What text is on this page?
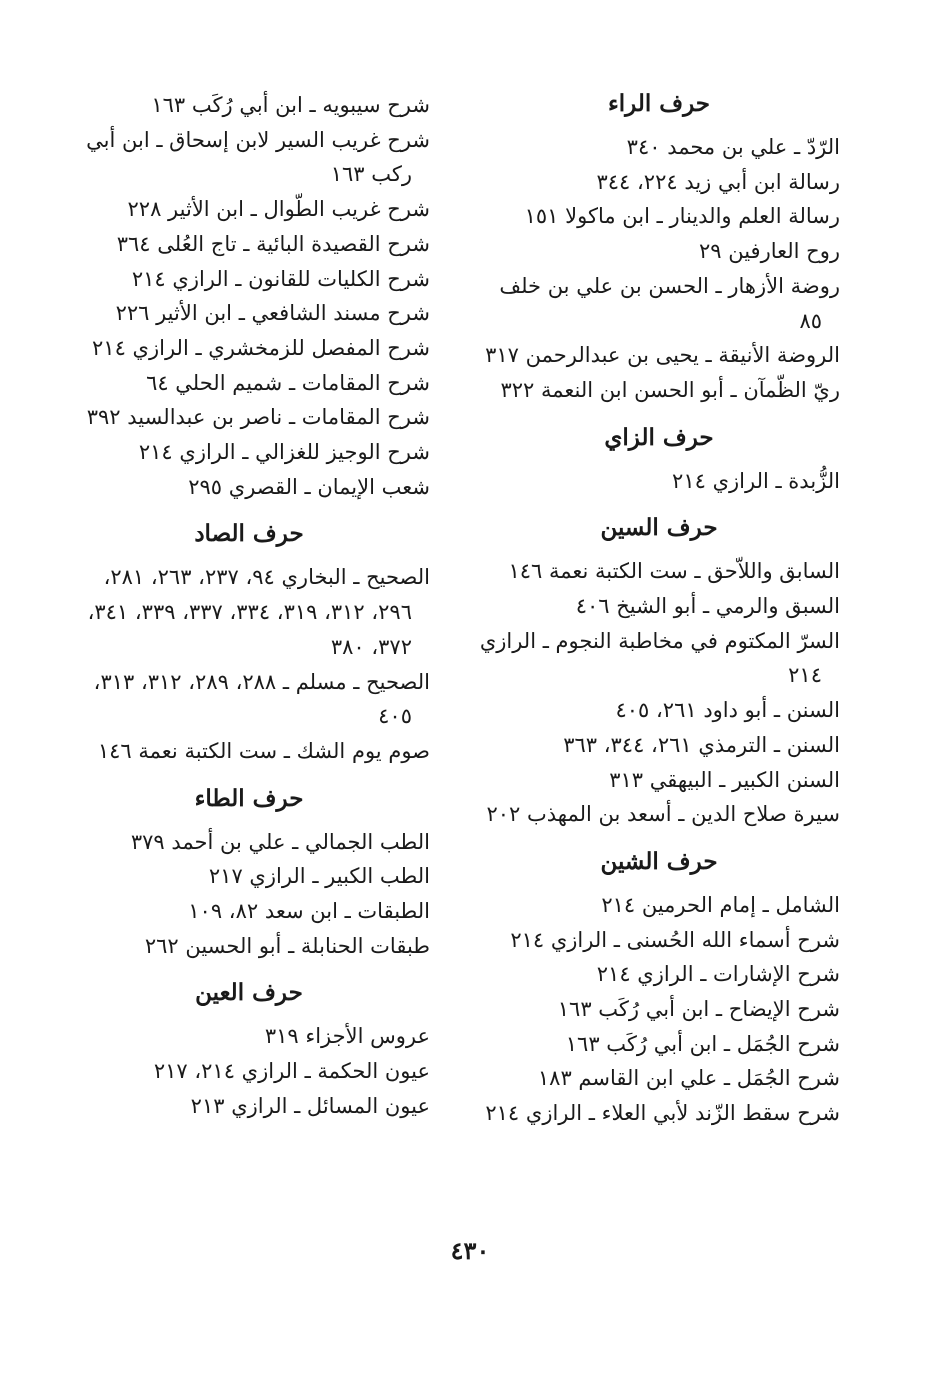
حرف الراء

الرّدّ ـ علي بن محمد ٣٤٠

رسالة ابن أبي زيد ٢٢٤، ٣٤٤

رسالة العلم والدينار ـ ابن ماكولا ١٥١

روح العارفين ٢٩

روضة الأزهار ـ الحسن بن علي بن خلف ٨٥

الروضة الأنيقة ـ يحيى بن عبدالرحمن ٣١٧

ريّ الظّمآن ـ أبو الحسن ابن النعمة ٣٢٢

حرف الزاي

الزُّبدة ـ الرازي ٢١٤

حرف السين

السابق واللاّحق ـ ست الكتبة نعمة ١٤٦

السبق والرمي ـ أبو الشيخ ٤٠٦

السرّ المكتوم في مخاطبة النجوم ـ الرازي ٢١٤

السنن ـ أبو داود ٢٦١، ٤٠٥

السنن ـ الترمذي ٢٦١، ٣٤٤، ٣٦٣

السنن الكبير ـ البيهقي ٣١٣

سيرة صلاح الدين ـ أسعد بن المهذب ٢٠٢

حرف الشين

الشامل ـ إمام الحرمين ٢١٤

شرح أسماء الله الحُسنى ـ الرازي ٢١٤

شرح الإشارات ـ الرازي ٢١٤

شرح الإيضاح ـ ابن أبي رُكَب ١٦٣

شرح الجُمَل ـ ابن أبي رُكَب ١٦٣

شرح الجُمَل ـ علي ابن القاسم ١٨٣

شرح سقط الزّند لأبي العلاء ـ الرازي ٢١٤

شرح سيبويه ـ ابن أبي رُكَب ١٦٣

شرح غريب السير لابن إسحاق ـ ابن أبي ركب ١٦٣

شرح غريب الطّوال ـ ابن الأثير ٢٢٨

شرح القصيدة البائية ـ تاج العُلى ٣٦٤

شرح الكليات للقانون ـ الرازي ٢١٤

شرح مسند الشافعي ـ ابن الأثير ٢٢٦

شرح المفصل للزمخشري ـ الرازي ٢١٤

شرح المقامات ـ شميم الحلي ٦٤

شرح المقامات ـ ناصر بن عبدالسيد ٣٩٢

شرح الوجيز للغزالي ـ الرازي ٢١٤

شعب الإيمان ـ القصري ٢٩٥

حرف الصاد

الصحيح ـ البخاري ٩٤، ٢٣٧، ٢٦٣، ٢٨١، ٢٩٦، ٣١٢، ٣١٩، ٣٣٤، ٣٣٧، ٣٣٩، ٣٤١، ٣٧٢، ٣٨٠

الصحيح ـ مسلم ـ ٢٨٨، ٢٨٩، ٣١٢، ٣١٣، ٤٠٥

صوم يوم الشك ـ ست الكتبة نعمة ١٤٦

حرف الطاء

الطب الجمالي ـ علي بن أحمد ٣٧٩

الطب الكبير ـ الرازي ٢١٧

الطبقات ـ ابن سعد ٨٢، ١٠٩

طبقات الحنابلة ـ أبو الحسين ٢٦٢

حرف العين

عروس الأجزاء ٣١٩

عيون الحكمة ـ الرازي ٢١٤، ٢١٧

عيون المسائل ـ الرازي ٢١٣

٤٣٠
